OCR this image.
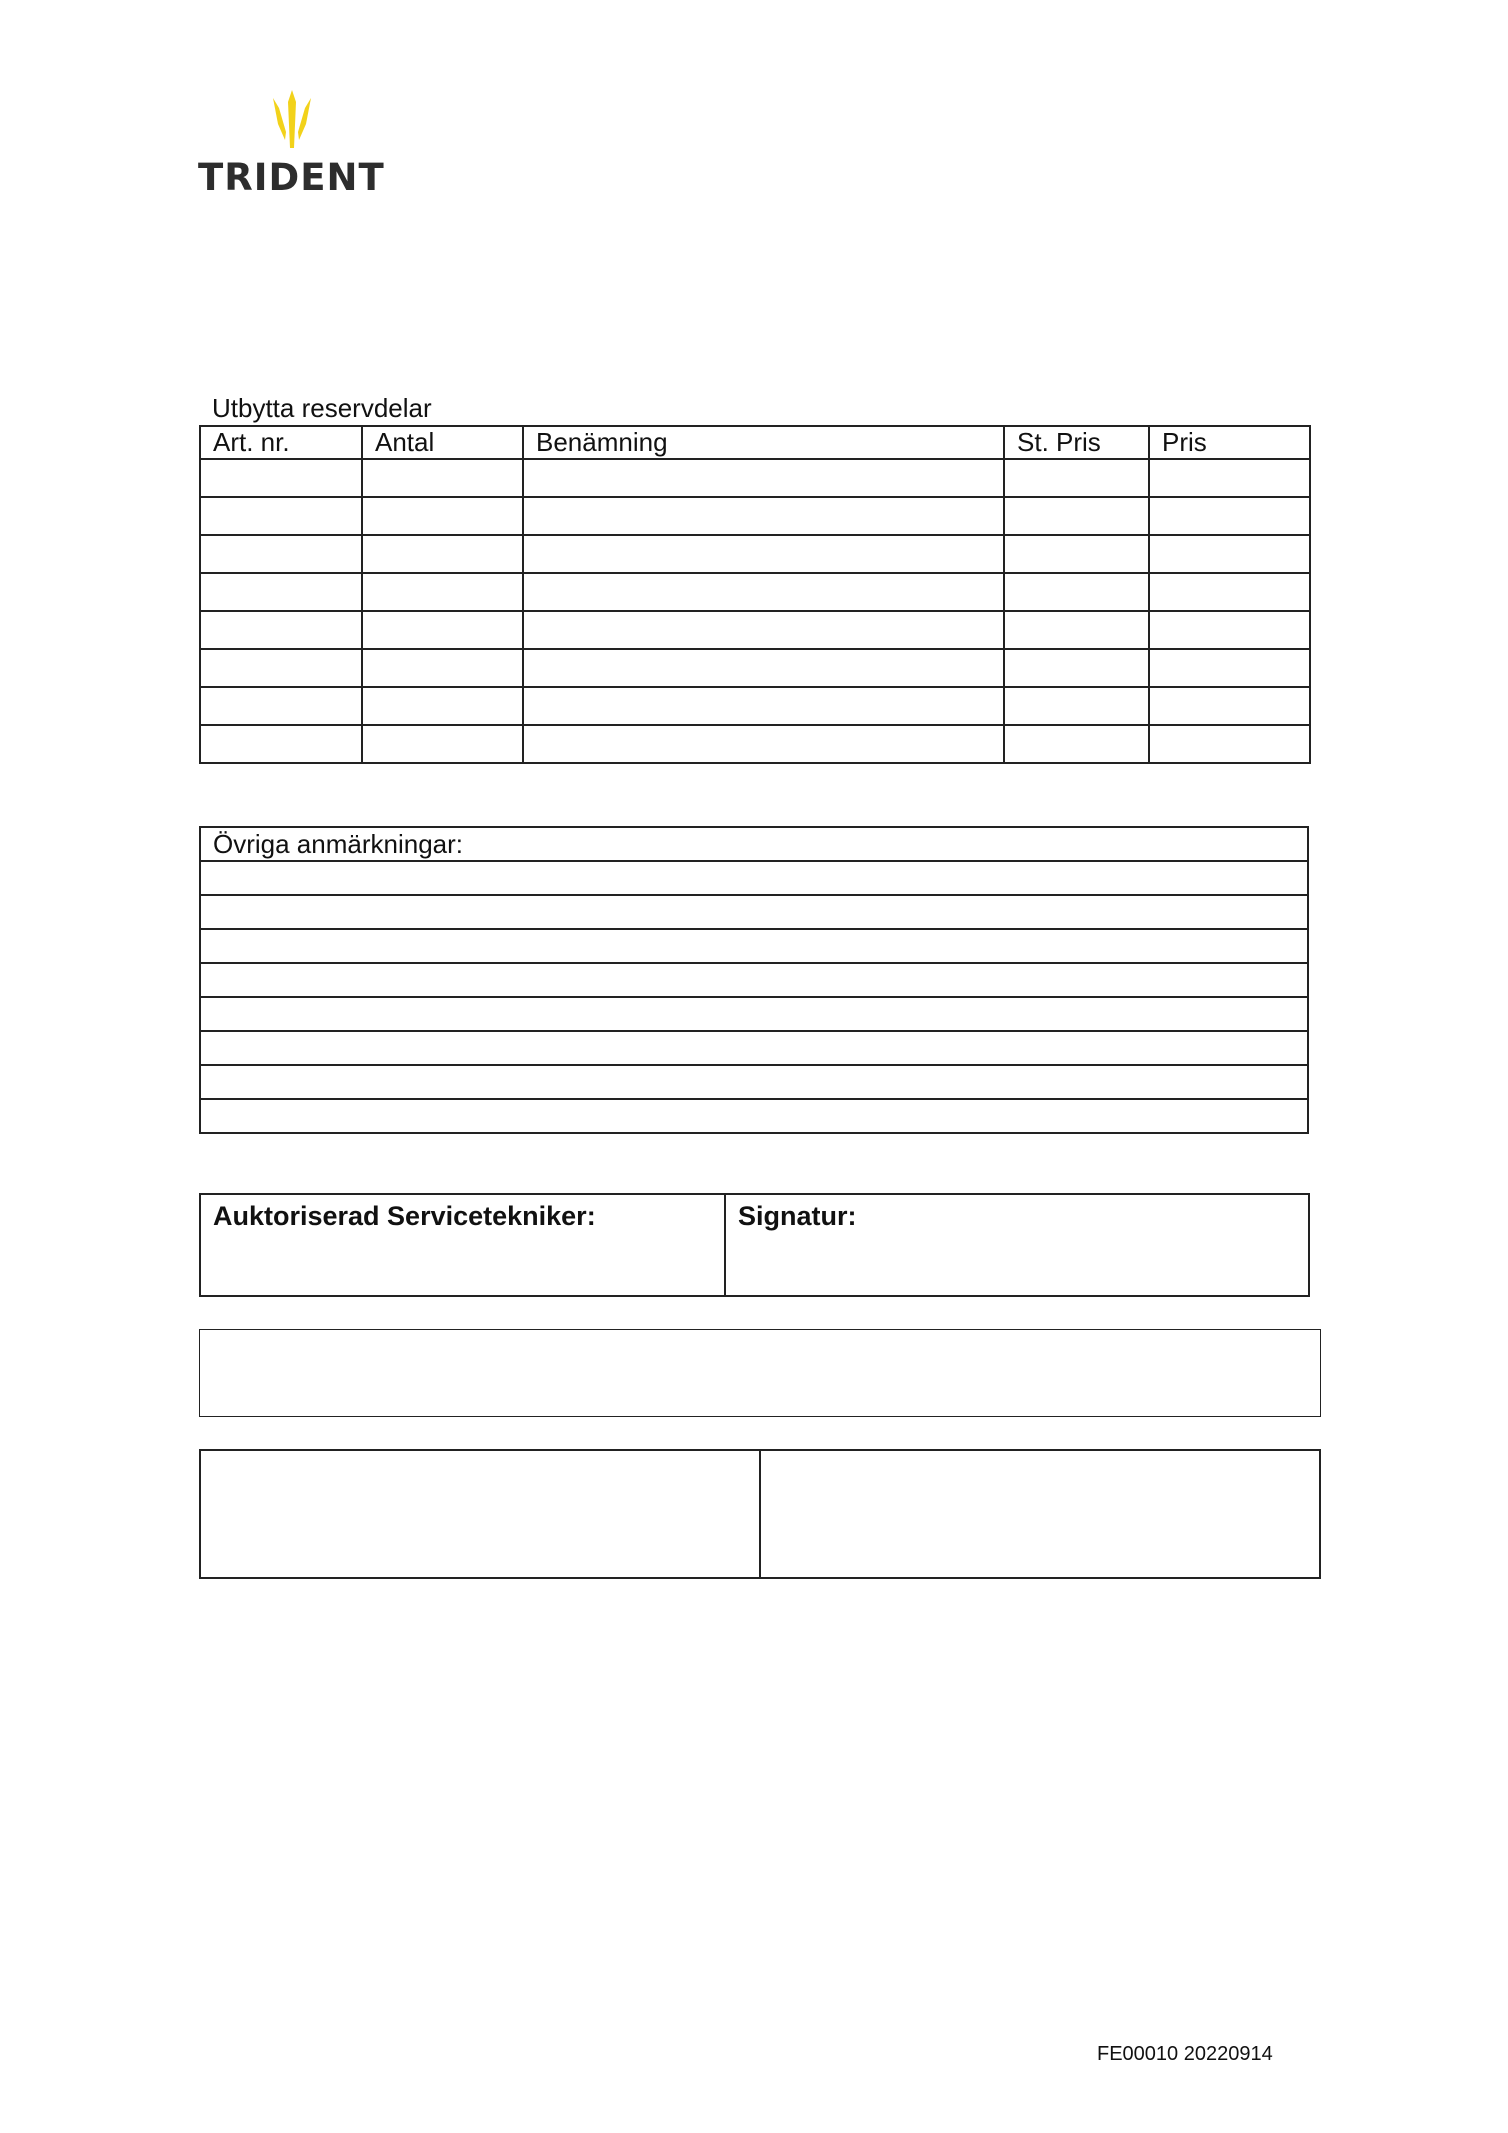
TRIDENT
Utbytta reservdelar
Art. nr.	Antal	Benämning	St. Pris	Pris

Övriga anmärkningar:

Auktoriserad Servicetekniker:	Signatur:
FE00010 20220914
